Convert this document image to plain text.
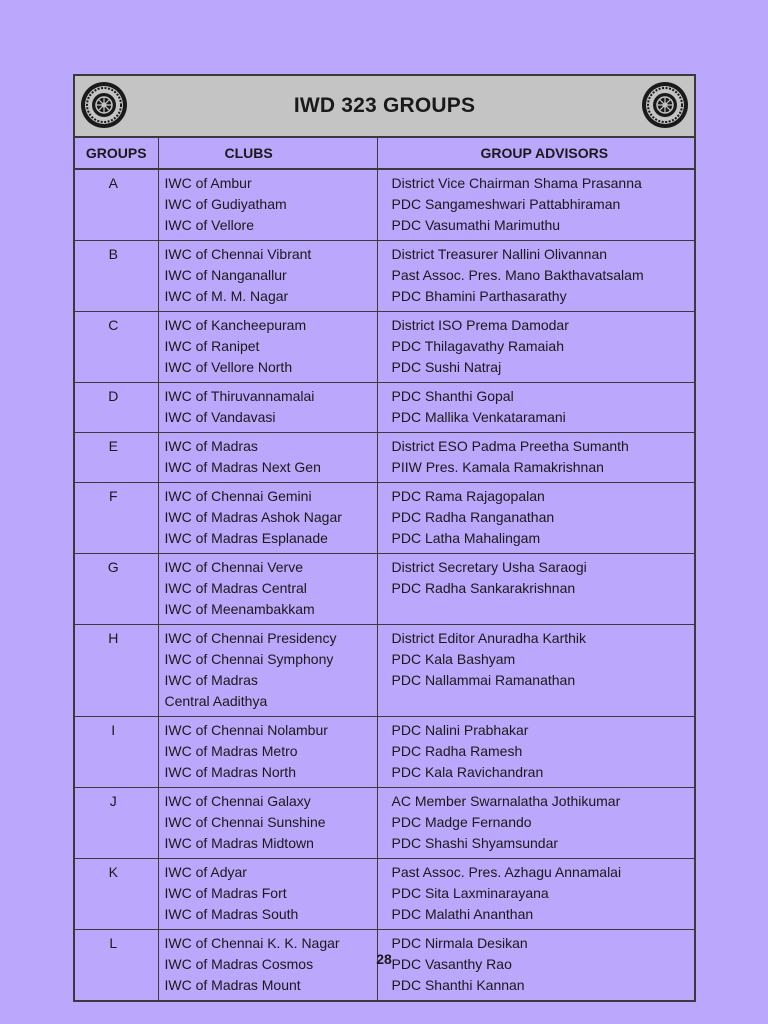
IWD 323 GROUPS
GROUPS	CLUBS	GROUP ADVISORS
A	IWC of Ambur
IWC of Gudiyatham
IWC of Vellore	District Vice Chairman Shama Prasanna
PDC Sangameshwari Pattabhiraman
PDC Vasumathi Marimuthu

B	IWC of Chennai Vibrant
IWC of Nanganallur
IWC of M. M. Nagar	District Treasurer Nallini Olivannan
Past Assoc. Pres. Mano Bakthavatsalam
PDC Bhamini Parthasarathy

C	IWC of Kancheepuram
IWC of Ranipet
IWC of Vellore North	District ISO Prema Damodar
PDC Thilagavathy Ramaiah
PDC Sushi Natraj

D	IWC of Thiruvannamalai
IWC of Vandavasi	PDC Shanthi Gopal
PDC Mallika Venkataramani

E	IWC of Madras
IWC of Madras Next Gen	District ESO Padma Preetha Sumanth
PIIW Pres. Kamala Ramakrishnan

F	IWC of Chennai Gemini
IWC of Madras Ashok Nagar
IWC of Madras Esplanade	PDC Rama Rajagopalan
PDC Radha Ranganathan
PDC Latha Mahalingam

G	IWC of Chennai Verve
IWC of Madras Central
IWC of Meenambakkam	District Secretary Usha Saraogi
PDC Radha Sankarakrishnan

H	IWC of Chennai Presidency
IWC of Chennai Symphony
IWC of Madras
Central Aadithya	District Editor Anuradha Karthik
PDC Kala Bashyam
PDC Nallammai Ramanathan

I	IWC of Chennai Nolambur
IWC of Madras Metro
IWC of Madras North	PDC Nalini Prabhakar
PDC Radha Ramesh
PDC Kala Ravichandran

J	IWC of Chennai Galaxy
IWC of Chennai Sunshine
IWC of Madras Midtown	AC Member Swarnalatha Jothikumar
PDC Madge Fernando
PDC Shashi Shyamsundar

K	IWC of Adyar
IWC of Madras Fort
IWC of Madras South	Past Assoc. Pres. Azhagu Annamalai
PDC Sita Laxminarayana
PDC Malathi Ananthan

L	IWC of Chennai K. K. Nagar
IWC of Madras Cosmos
IWC of Madras Mount	PDC Nirmala Desikan
PDC Vasanthy Rao
PDC Shanthi Kannan
28
